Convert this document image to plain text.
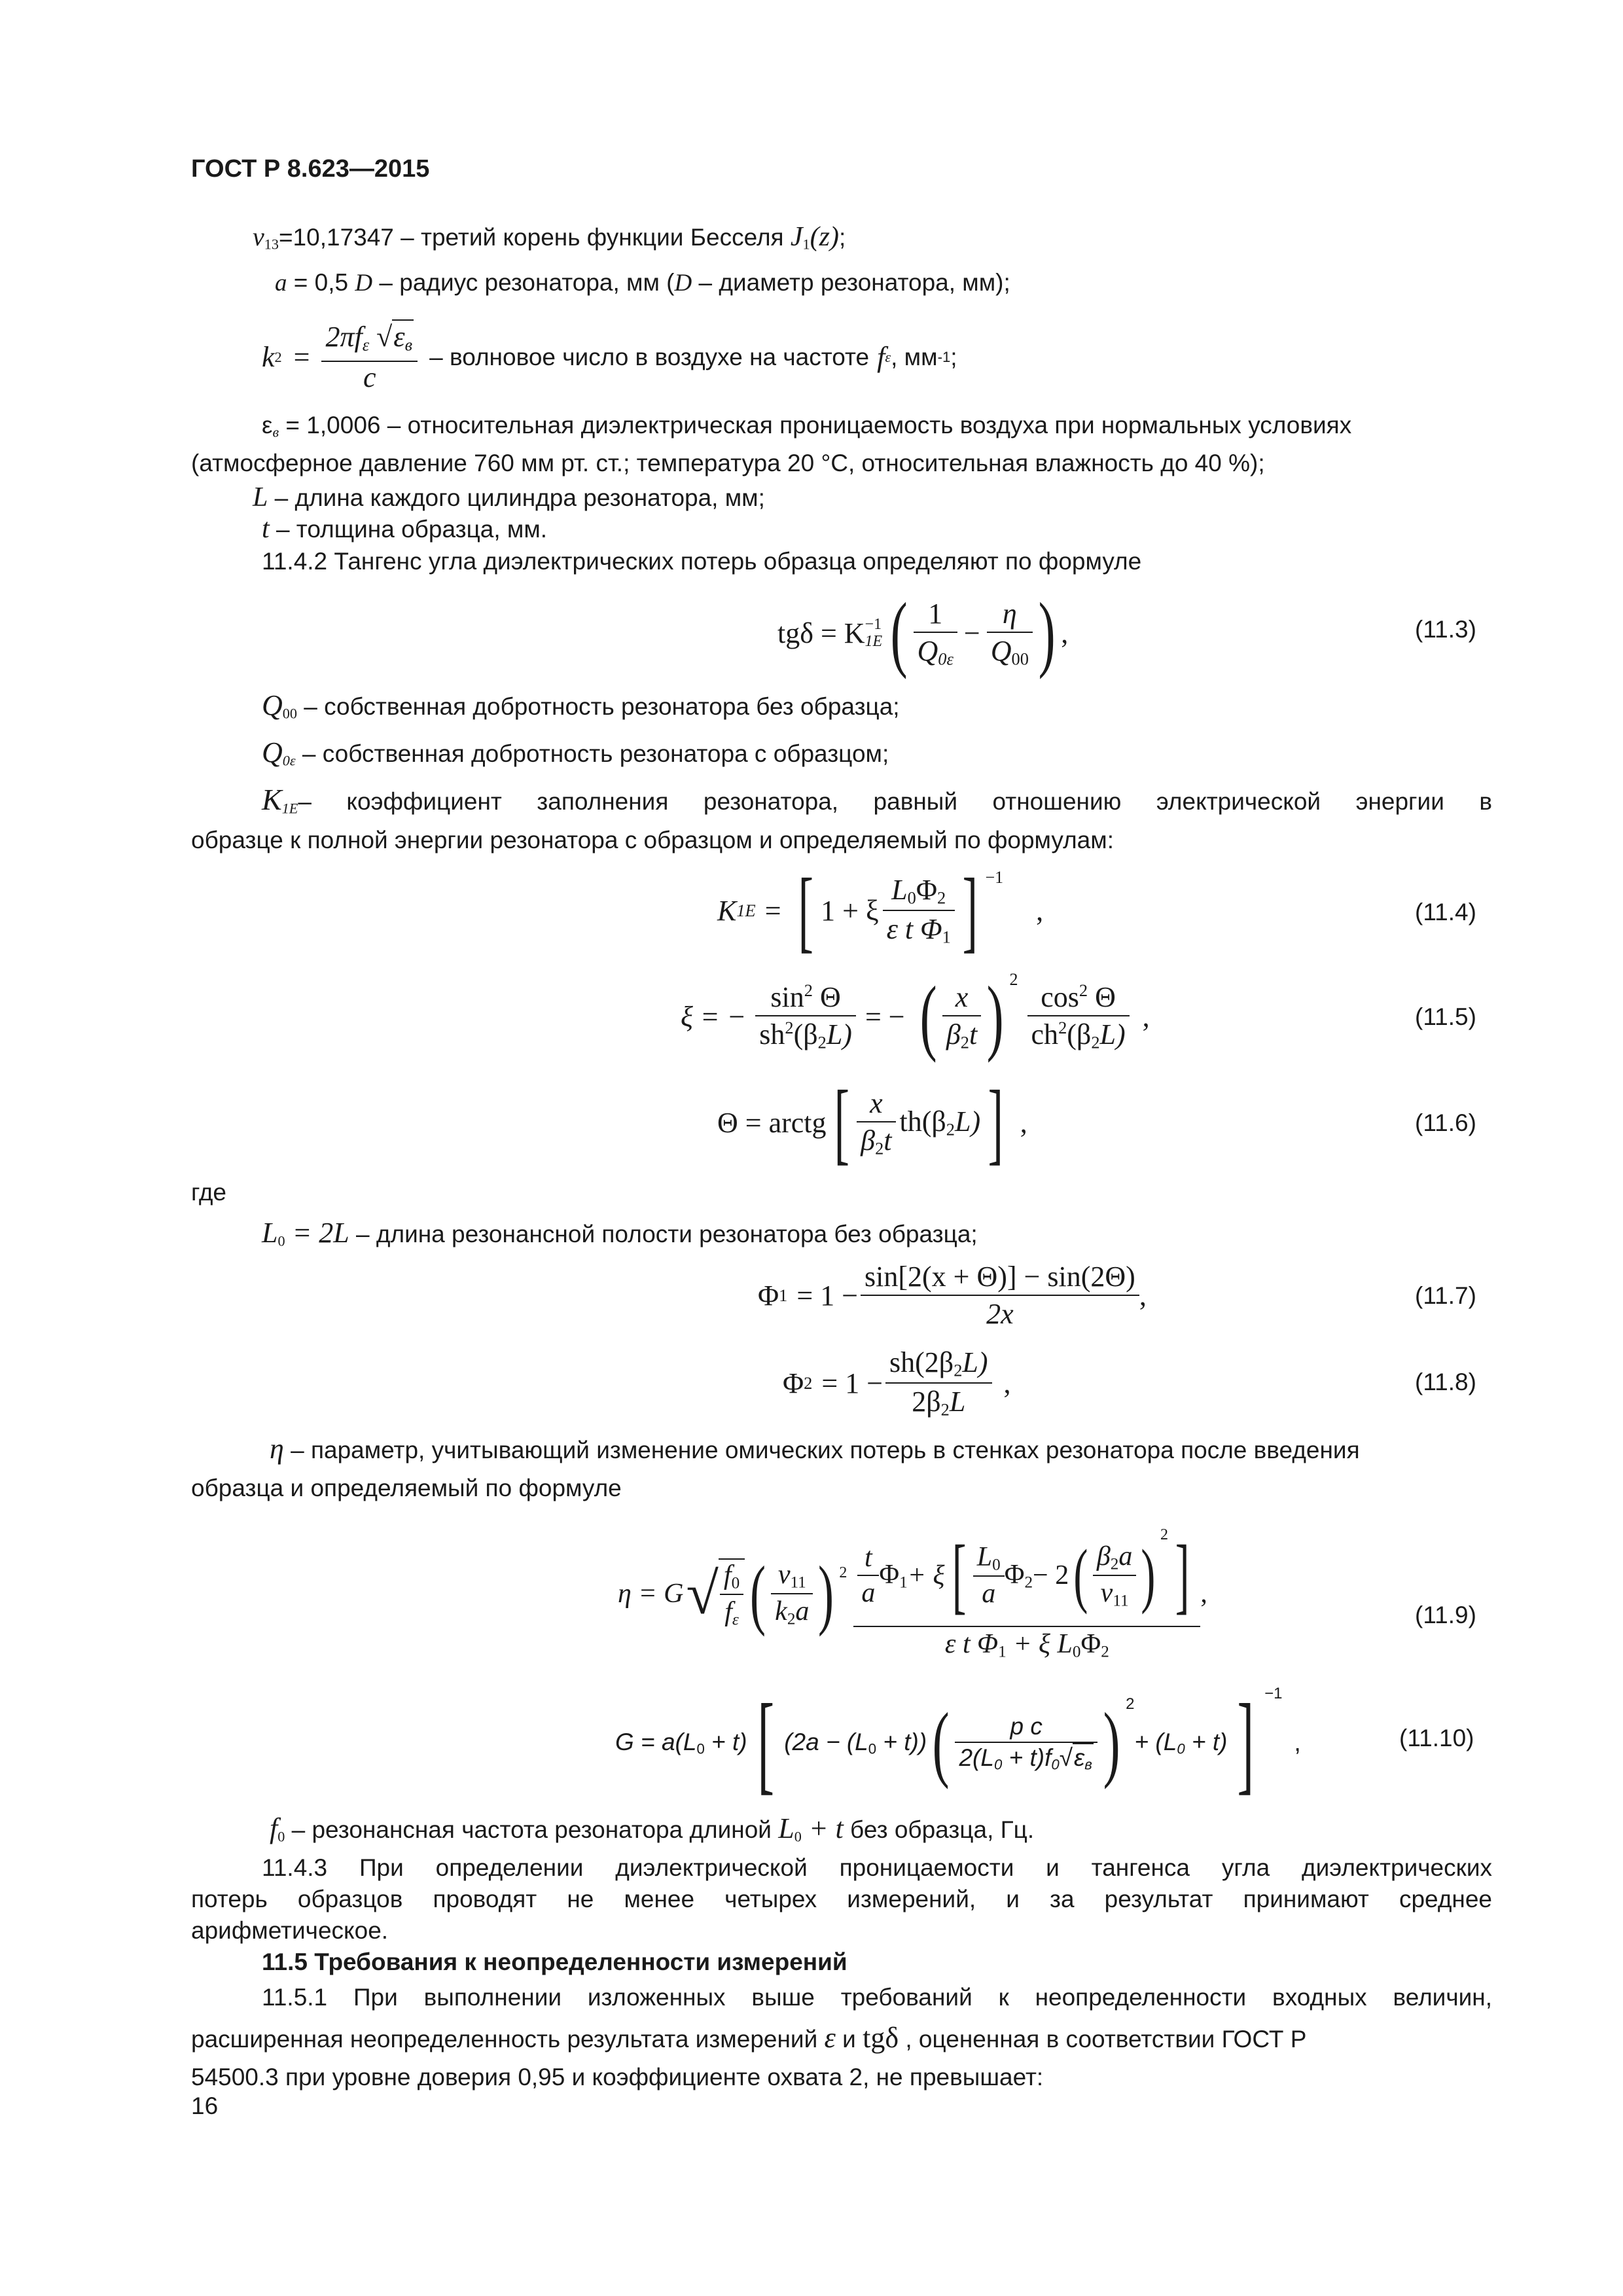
ГОСТ Р 8.623—2015
$\nu_{13}=10,17347$ – третий корень функции Бесселя $J_1(z)$;
a = 0,5 D – радиус резонатора, мм (D – диаметр резонатора, мм);
k $2 = \frac{2\pi f_\varepsilon √\varepsilon_в}{c}$ – волновое число в воздухе на частоте f ε , мм -1 ;
$\varepsilon_в = 1,0006$ – относительная диэлектрическая проницаемость воздуха при нормальных условиях
(атмосферное давление 760 мм рт. ст.; температура 20 °С, относительная влажность до 40 %);
L – длина каждого цилиндра резонатора, мм;
t – толщина образца, мм.
11.4.2 Тангенс угла диэлектрических потерь образца определяют по формуле
tgδ = K −1
1E ( $\frac{1}{Q_{0\varepsilon}} - \frac{\eta}{Q_{00}}$ ) ,	(11.3)
$Q_{00}$ – собственная добротность резонатора без образца;
$Q_{0\varepsilon}$ – собственная добротность резонатора с образцом;
$K_{1E}-$ коэффициент заполнения резонатора, равный отношению электрической энергии в
образце к полной энергии резонатора с образцом и определяемый по формулам:
K 1E = [ 1 + ξ $\frac{L_0\Phi_2}{\varepsilon t \Phi_1}$ ] −1
,	(11.4)
ξ = − $\frac{\sin^2 \Theta}{sh^2(\beta_2L)}$ = − ( $\frac{x}{\beta_2t}$ ) 2
$\frac{\cos^2 \Theta}{ch^2(\beta_2L)}$ ,	(11.5)
Θ = arctg [ $\frac{x}{\beta_2t} th(\beta_2L)$ ] ,	(11.6)
где
$L_0 = 2L$ – длина резонансной полости резонатора без образца;
Φ $1 = 1 - \frac{\sin[2(x + \Theta)] - \sin(2\Theta)}{2x}$ ,	(11.7)
Φ $2 = 1 - \frac{sh(2\beta_2L)}{2\beta_2L}$ ,	(11.8)
η – параметр, учитывающий изменение омических потерь в стенках резонатора после введения
образца и определяемый по формуле
η = G √ $\frac{f_0}{f_\varepsilon}$ ( $\frac{\nu_{11}}{k_2a}$ ) $2 \frac{t}{a} \Phi_1 + \xi$ [ $\frac{L_0}{a} \Phi_2 - 2$ ( $\frac{\beta_2a}{\nu_{11}}$ )
2 ]
ε t $\Phi_1 + \xi$ $L_0\Phi_2$
,
(11.9)
$G = a(L_0 + t)$ [ $(2a - (L_0 + t))$ ( $\frac{\text{p c}}{2(L_0 + t)f_0√\varepsilon_в}$ ) 2
+ $(L_0 + t)$ ] −1
,	(11.10)
$f_0$ – резонансная частота резонатора длиной $L_0 + t$ без образца, Гц.
11.4.3 При определении диэлектрической проницаемости и тангенса угла диэлектрических
потерь образцов проводят не менее четырех измерений, и за результат принимают среднее
арифметическое.
11.5 Требования к неопределенности измерений
11.5.1 При выполнении изложенных выше требований к неопределенности входных величин,
расширенная неопределенность результата измерений ε и tgδ , оцененная в соответствии ГОСТ Р
54500.3 при уровне доверия 0,95 и коэффициенте охвата 2, не превышает:
16
